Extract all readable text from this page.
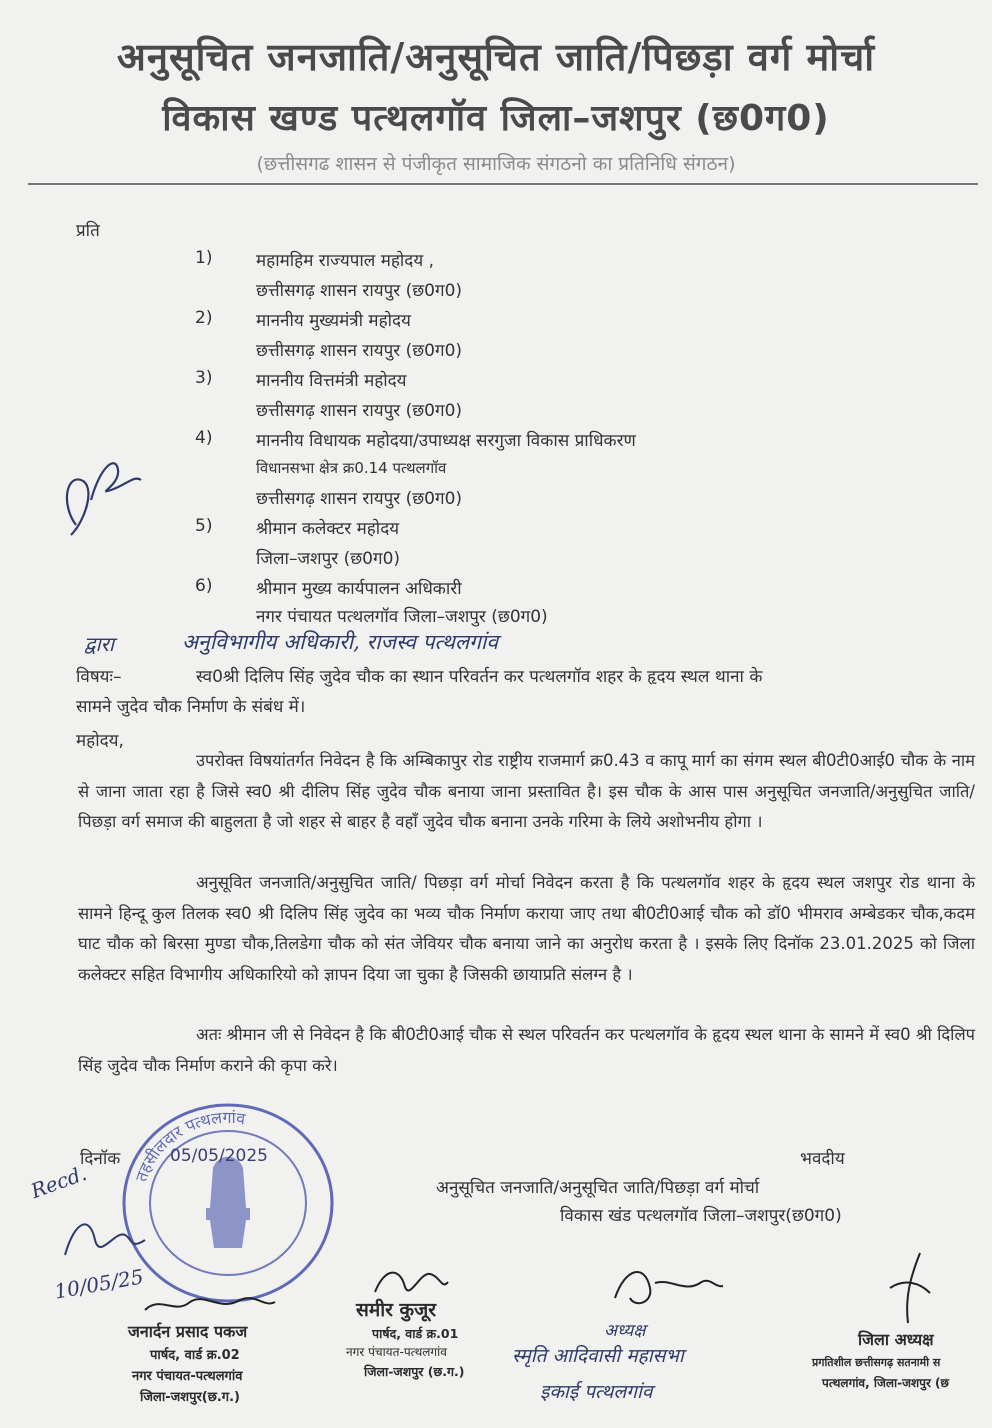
अनुसूचित जनजाति/अनुसूचित जाति/पिछड़ा वर्ग मोर्चा
विकास खण्ड पत्थलगॉव जिला–जशपुर (छ0ग0)
(छत्तीसगढ शासन से पंजीकृत सामाजिक संगठनो का प्रतिनिधि संगठन)
प्रति
1)	महामहिम राज्यपाल महोदय ,
छत्तीसगढ़ शासन रायपुर (छ0ग0)
2)	माननीय मुख्यमंत्री महोदय
छत्तीसगढ़ शासन रायपुर (छ0ग0)
3)	माननीय वित्तमंत्री महोदय
छत्तीसगढ़ शासन रायपुर (छ0ग0)
4)	माननीय विधायक महोदया/उपाध्यक्ष सरगुजा विकास प्राधिकरण
विधानसभा क्षेत्र क्र0.14 पत्थलगॉव
छत्तीसगढ़ शासन रायपुर (छ0ग0)
5)	श्रीमान कलेक्टर महोदय
जिला–जशपुर (छ0ग0)
6)	श्रीमान मुख्य कार्यपालन अधिकारी
नगर पंचायत पत्थलगॉव जिला–जशपुर (छ0ग0)
द्वारा	अनुविभागीय अधिकारी, राजस्व पत्थलगांव
विषयः–	स्व0श्री दिलिप सिंह जुदेव चौक का स्थान परिवर्तन कर पत्थलगॉव शहर के हृदय स्थल थाना के
सामने जुदेव चौक निर्माण के संबंध में।
महोदय,
उपरोक्त विषयांतर्गत निवेदन है कि अम्बिकापुर रोड राष्ट्रीय राजमार्ग क्र0.43 व कापू मार्ग का संगम स्थल बी0टी0आई0 चौक के नाम से जाना जाता रहा है जिसे स्व0 श्री दीलिप सिंह जुदेव चौक बनाया जाना प्रस्तावित है। इस चौक के आस पास अनुसूचित जनजाति/अनुसुचित जाति/पिछड़ा वर्ग समाज की बाहुलता है जो शहर से बाहर है वहाँ जुदेव चौक बनाना उनके गरिमा के लिये अशोभनीय होगा ।
अनुसूवित जनजाति/अनुसुचित जाति/ पिछड़ा वर्ग मोर्चा निवेदन करता है कि पत्थलगॉव शहर के हृदय स्थल जशपुर रोड थाना के सामने हिन्दू कुल तिलक स्व0 श्री दिलिप सिंह जुदेव का भव्य चौक निर्माण कराया जाए तथा बी0टी0आई चौक को डॉ0 भीमराव अम्बेडकर चौक,कदम घाट चौक को बिरसा मुण्डा चौक,तिलडेगा चौक को संत जेवियर चौक बनाया जाने का अनुरोध करता है । इसके लिए दिनॉक 23.01.2025 को जिला कलेक्टर सहित विभागीय अधिकारियो को ज्ञापन दिया जा चुका है जिसकी छायाप्रति संलग्न है ।
अतः श्रीमान जी से निवेदन है कि बी0टी0आई चौक से स्थल परिवर्तन कर पत्थलगॉव के हृदय स्थल थाना के सामने में स्व0 श्री दिलिप सिंह जुदेव चौक निर्माण कराने की कृपा करे।
तहसीलदार पत्थलगांव
दिनॉक	05/05/2025
Recd.
10/05/25
भवदीय
अनुसूचित जनजाति/अनुसूचित जाति/पिछड़ा वर्ग मोर्चा
विकास खंड पत्थलगॉव जिला–जशपुर(छ0ग0)
जनार्दन प्रसाद पकज
पार्षद, वार्ड क्र.02
नगर पंचायत-पत्थलगांव
जिला-जशपुर(छ.ग.)
समीर कुजूर
पार्षद, वार्ड क्र.01
नगर पंचायत-पत्थलगांव
जिला-जशपुर (छ.ग.)
अध्यक्ष
स्मृति आदिवासी महासभा
इकाई पत्थलगांव
जिला अध्यक्ष
प्रगतिशील छत्तीसगढ़ सतनामी स
पत्थलगांव, जिला-जशपुर (छ
